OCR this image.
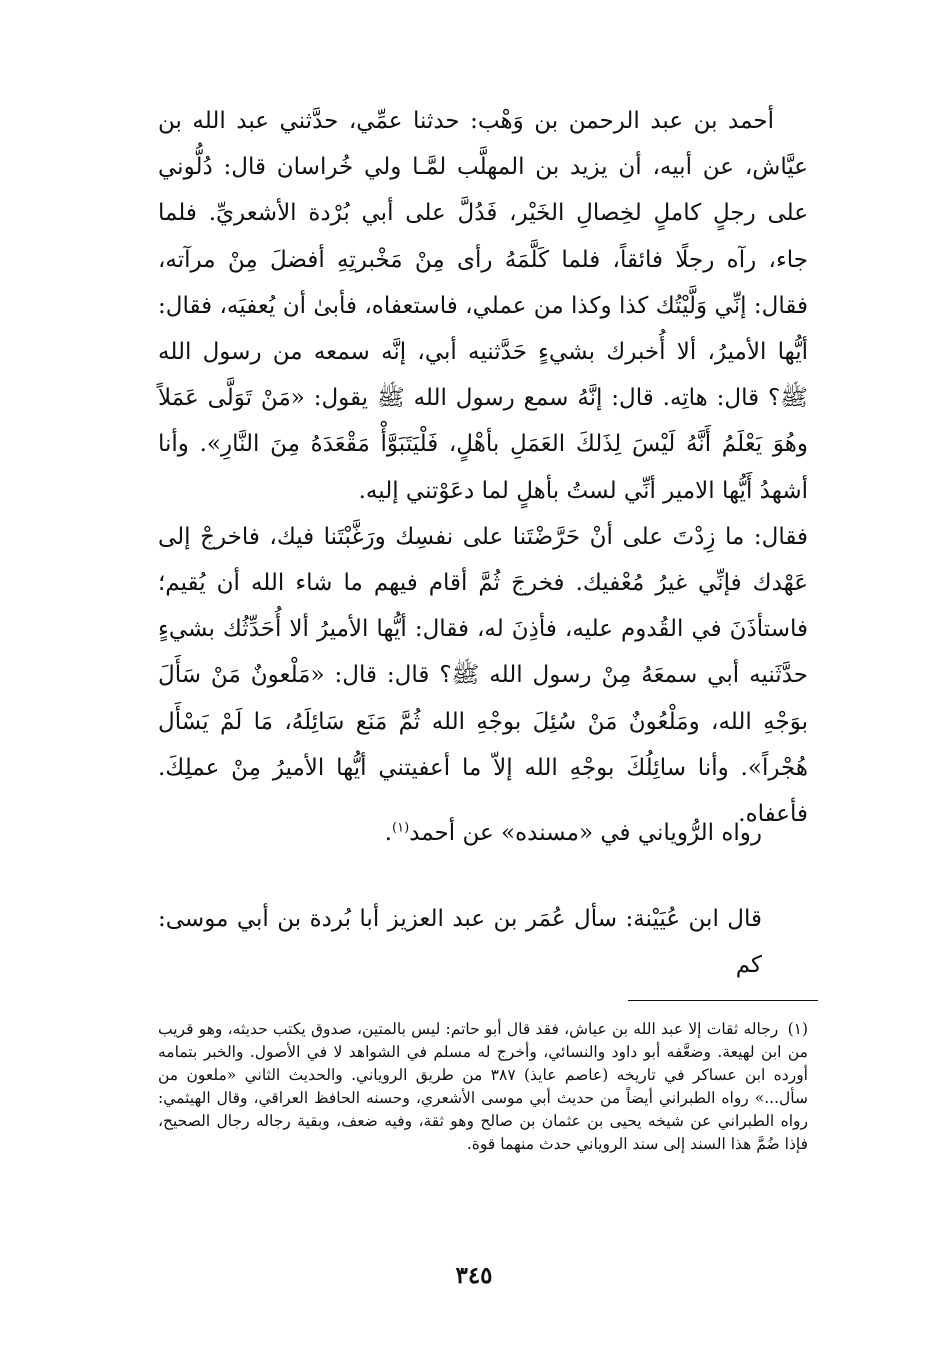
أحمد بن عبد الرحمن بن وَهْب: حدثنا عمِّي، حدَّثني عبد الله بن عيَّاش، عن أبيه، أن يزيد بن المهلَّب لمَّـا ولي خُراسان قال: دُلُّوني على رجلٍ كاملٍ لخِصالِ الخَيْر، فَدُلَّ على أبي بُرْدة الأشعريِّ. فلما جاء، رآه رجلًا فائقاً، فلما كَلَّمَهُ رأى مِنْ مَخْبرتِهِ أفضلَ مِنْ مرآته، فقال: إنِّي وَلَّيْتُك كذا وكذا من عملي، فاستعفاه، فأبىٰ أن يُعفيَه، فقال: أيُّها الأميرُ، ألا أُخبرك بشيءٍ حَدَّثنيه أبي، إنَّه سمعه من رسول الله ﷺ؟ قال: هاتِه. قال: إنَّهُ سمع رسول الله ﷺ يقول: «مَنْ تَوَلَّى عَمَلاً وهُوَ يَعْلَمُ أَنَّهُ لَيْسَ لِذَلكَ العَمَلِ بأهْلٍ، فَلْيَتَبَوَّأْ مَقْعَدَهُ مِنَ النَّارِ». وأنا أشهدُ أَيُّها الامير أنِّي لستُ بأهلٍ لما دعَوْتني إليه.

فقال: ما زِدْتَ على أنْ حَرَّضْتَنا على نفسِك ورَغَّبْتَنا فيك، فاخرجْ إلى عَهْدك فإنِّي غيرُ مُعْفيك. فخرجَ ثُمَّ أقام فيهم ما شاء الله أن يُقيم؛ فاستأذَنَ في القُدوم عليه، فأذِنَ له، فقال: أيُّها الأميرُ ألا أُحَدِّثُك بشيءٍ حدَّثَنيه أبي سمعَهُ مِنْ رسول الله ﷺ؟ قال: قال: «مَلْعونٌ مَنْ سَأَلَ بوَجْهِ الله، ومَلْعُونٌ مَنْ سُئِلَ بوجْهِ الله ثُمَّ مَنَع سَائِلَهُ، مَا لَمْ يَسْأَل هُجْراً». وأنا سائِلُكَ بوجْهِ الله إلاّ ما أعفيتني أيُّها الأميرُ مِنْ عملِكَ. فأعفاه.

رواه الرُّوياني في «مسنده» عن أحمد$^{(١)}$.
قال ابن عُيَيْنة: سأل عُمَر بن عبد العزيز أبا بُردة بن أبي موسى: كم

(١) رجاله ثقات إلا عبد الله بن عياش، فقد قال أبو حاتم: ليس بالمتين، صدوق يكتب حديثه، وهو قريب من ابن لهيعة. وضعَّفه أبو داود والنسائي، وأخرج له مسلم في الشواهد لا في الأصول. والخبر بتمامه أورده ابن عساكر في تاريخه (عاصم عايذ) ٣٨٧ من طريق الروياني. والحديث الثاني «ملعون من سأل...» رواه الطبراني أيضاً من حديث أبي موسى الأشعري، وحسنه الحافظ العراقي، وقال الهيثمي: رواه الطبراني عن شيخه يحيى بن عثمان بن صالح وهو ثقة، وفيه ضعف، وبقية رجاله رجال الصحيح، فإذا ضُمَّ هذا السند إلى سند الروياني حدث منهما قوة.

٣٤٥
